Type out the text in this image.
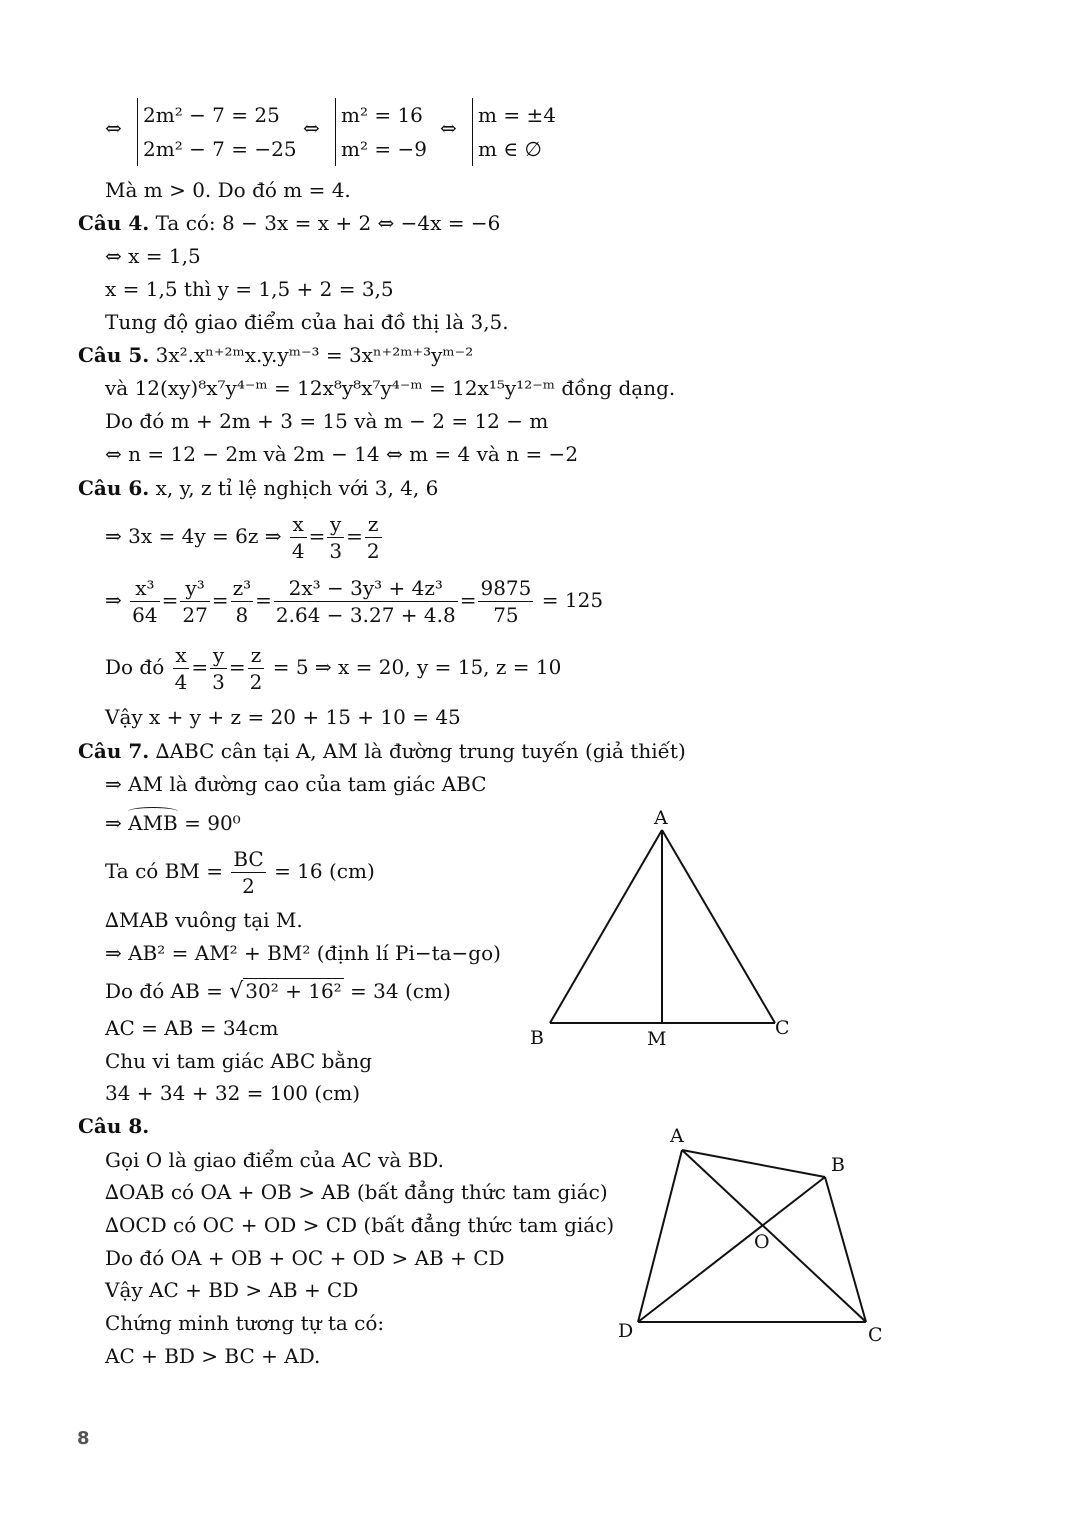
⇔
2m² − 7 = 25
2m² − 7 = −25
⇔
m² = 16
m² = −9
⇔
m = ±4
m ∈ ∅
Mà m > 0. Do đó m = 4.
Câu 4. Ta có: 8 − 3x = x + 2 ⇔ −4x = −6
⇔ x = 1,5
x = 1,5 thì y = 1,5 + 2 = 3,5
Tung độ giao điểm của hai đồ thị là 3,5.
Câu 5. 3x².xⁿ⁺²ᵐx.y.yᵐ⁻³ = 3xⁿ⁺²ᵐ⁺³yᵐ⁻²
và 12(xy)⁸x⁷y⁴⁻ᵐ = 12x⁸y⁸x⁷y⁴⁻ᵐ = 12x¹⁵y¹²⁻ᵐ đồng dạng.
Do đó m + 2m + 3 = 15 và m − 2 = 12 − m
⇔ n = 12 − 2m và 2m − 14 ⇔ m = 4 và n = −2
Câu 6. x, y, z tỉ lệ nghịch với 3, 4, 6
⇒ 3x = 4y = 6z ⇒ $\frac{x}{4} = \frac{y}{3} = \frac{z}{2}$
⇒ $\frac{\text{x³}}{64} = \frac{\text{y³}}{27} = \frac{\text{z³}}{8} = \frac{\text{2x³ − 3y³ + 4z³}}{2.64 - 3.27 + 4.8} = \frac{9875}{75} = 125$
Do đó $\frac{x}{4} = \frac{y}{3} = \frac{z}{2} = 5$ ⇒ x = 20, y = 15, z = 10
Vậy x + y + z = 20 + 15 + 10 = 45
Câu 7. ∆ABC cân tại A, AM là đường trung tuyến (giả thiết)
⇒ AM là đường cao của tam giác ABC
⇒ AMB = 90⁰
Ta có BM = $\frac{BC}{2} = 16$ (cm)
∆MAB vuông tại M.
⇒ AB² = AM² + BM² (định lí Pi−ta−go)
Do đó AB = √ 30² + 16² = 34 (cm)
AC = AB = 34cm
Chu vi tam giác ABC bằng
34 + 34 + 32 = 100 (cm)
A
B	C
M
Câu 8.
Gọi O là giao điểm của AC và BD.
∆OAB có OA + OB > AB (bất đẳng thức tam giác)
∆OCD có OC + OD > CD (bất đẳng thức tam giác)
Do đó OA + OB + OC + OD > AB + CD
Vậy AC + BD > AB + CD
Chứng minh tương tự ta có:
AC + BD > BC + AD.
A
B
C
D
O
8
